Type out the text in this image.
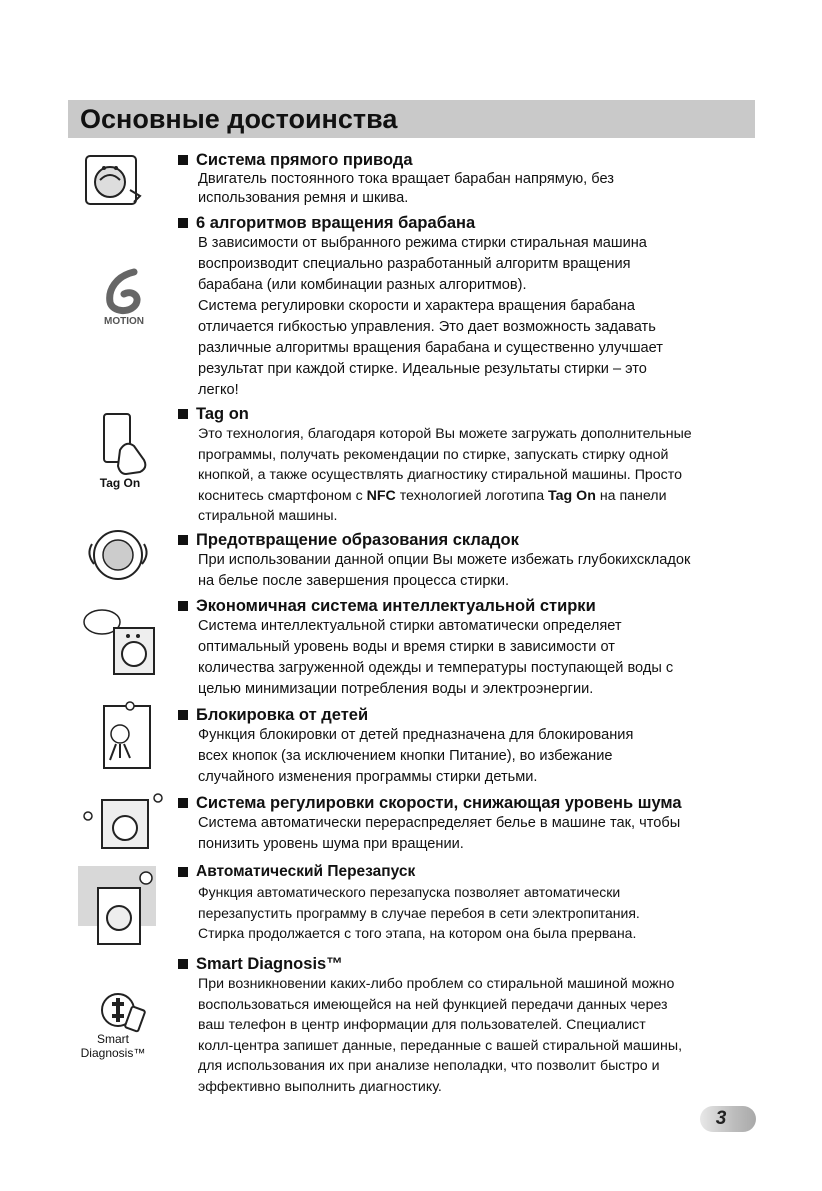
Основные достоинства
MOTION
Tag On
Smart
Diagnosis™
Система прямого привода

Двигатель постоянного тока вращает барабан напрямую, без

использования ремня и шкива.

6 алгоритмов вращения барабана

В зависимости от выбранного режима стирки стиральная машина

воспроизводит специально разработанный алгоритм вращения

барабана (или комбинации разных алгоритмов).

Система регулировки скорости и характера вращения барабана

отличается гибкостью управления. Это дает возможность задавать

различные алгоритмы вращения барабана и существенно улучшает

результат при каждой стирке. Идеальные результаты стирки – это

легко!

Tag on

Это технология, благодаря которой Вы можете загружать дополнительные

программы, получать рекомендации по стирке, запускать стирку одной

кнопкой, а также осуществлять диагностику стиральной машины. Просто

коснитесь смартфоном с NFC технологией логотипа Tag On на панели

стиральной машины.

Предотвращение образования складок

При использовании данной опции Вы можете избежать глубокихскладок

на белье после завершения процесса стирки.

Экономичная система интеллектуальной стирки

Система интеллектуальной стирки автоматически определяет

оптимальный уровень воды и время стирки в зависимости от

количества загруженной одежды и температуры поступающей воды с

целью минимизации потребления воды и электроэнергии.

Блокировка от детей

Функция блокировки от детей предназначена для блокирования

всех кнопок (за исключением кнопки Питание), во избежание

случайного изменения программы стирки детьми.

Система регулировки скорости, снижающая уровень шума

Система автоматически перераспределяет белье в машине так, чтобы

понизить уровень шума при вращении.

Автоматический Перезапуск

Функция автоматического перезапуска позволяет автоматически

перезапустить программу в случае перебоя в сети электропитания.

Стирка продолжается с того этапа, на котором она была прервана.

Smart Diagnosis™

При возникновении каких-либо проблем со стиральной машиной можно

воспользоваться имеющейся на ней функцией передачи данных через

ваш телефон в центр информации для пользователей. Специалист

колл-центра запишет данные, переданные с вашей стиральной машины,

для использования их при анализе неполадки, что позволит быстро и

эффективно выполнить диагностику.

3
